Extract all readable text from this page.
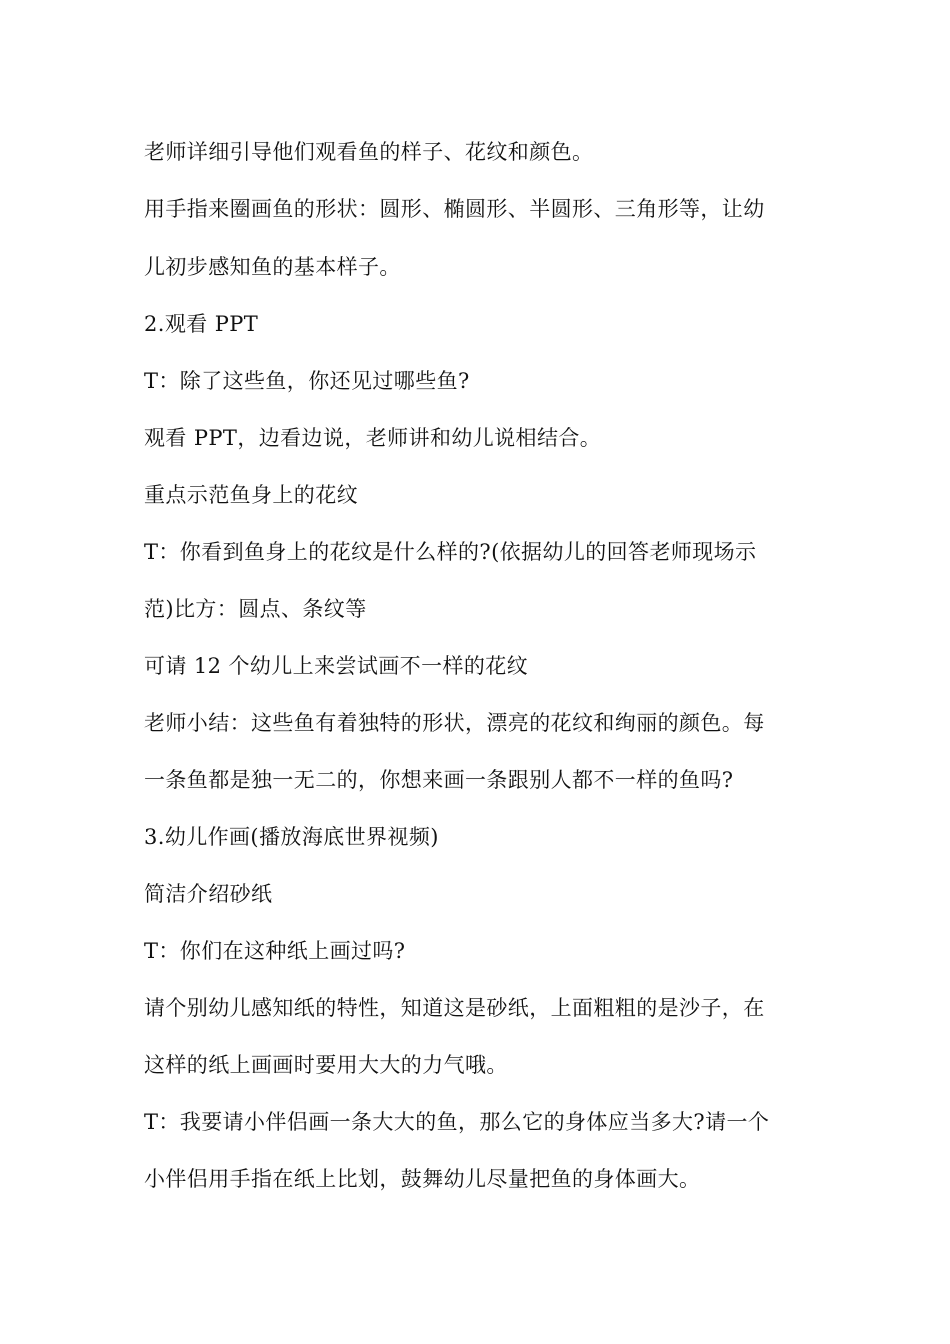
老师详细引导他们观看鱼的样子、花纹和颜色。
用手指来圈画鱼的形状：圆形、椭圆形、半圆形、三角形等，让幼
儿初步感知鱼的基本样子。
2.观看 PPT
T：除了这些鱼，你还见过哪些鱼?
观看 PPT，边看边说，老师讲和幼儿说相结合。
重点示范鱼身上的花纹
T：你看到鱼身上的花纹是什么样的?(依据幼儿的回答老师现场示
范)比方：圆点、条纹等
可请 12 个幼儿上来尝试画不一样的花纹
老师小结：这些鱼有着独特的形状，漂亮的花纹和绚丽的颜色。每
一条鱼都是独一无二的，你想来画一条跟别人都不一样的鱼吗?
3.幼儿作画(播放海底世界视频)
简洁介绍砂纸
T：你们在这种纸上画过吗?
请个别幼儿感知纸的特性，知道这是砂纸，上面粗粗的是沙子，在
这样的纸上画画时要用大大的力气哦。
T：我要请小伴侣画一条大大的鱼，那么它的身体应当多大?请一个
小伴侣用手指在纸上比划，鼓舞幼儿尽量把鱼的身体画大。
